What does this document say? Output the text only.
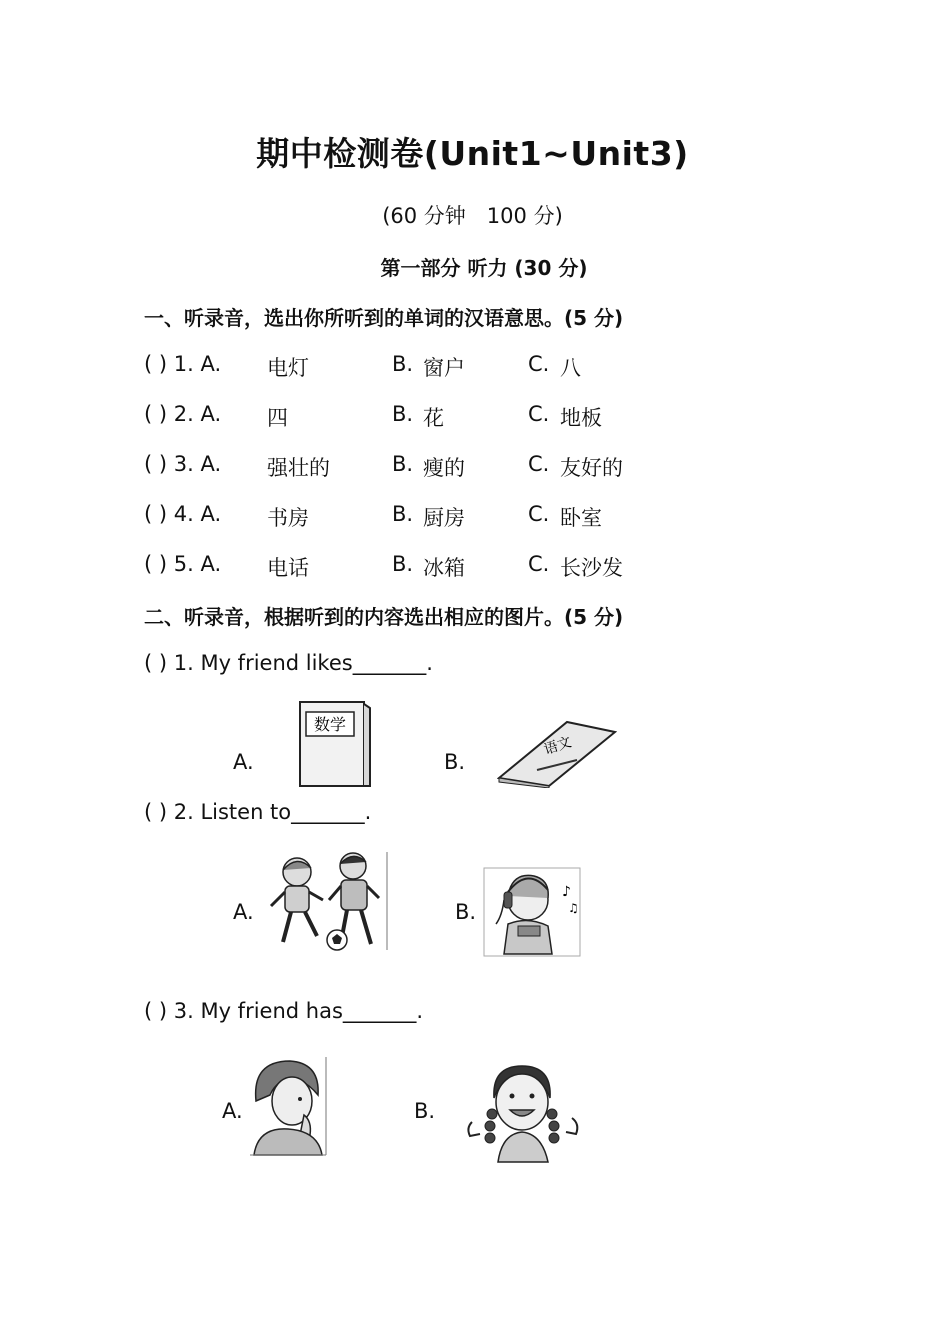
期中检测卷(Unit1~Unit3)
(60 分钟　100 分)
第一部分 听力 (30 分)
一、听录音，选出你所听到的单词的汉语意思。(5 分)
( ) 1. A. 电灯	B. 窗户	C. 八
( ) 2. A. 四	B. 花	C. 地板
( ) 3. A. 强壮的	B. 瘦的	C. 友好的
( ) 4. A. 书房	B. 厨房	C. 卧室
( ) 5. A. 电话	B. 冰箱	C. 长沙发
二、听录音，根据听到的内容选出相应的图片。(5 分)
( ) 1. My friend likes_______.
A.
数学
B.
语文
( ) 2. Listen to_______.
A.	B.
♪
♫
( ) 3. My friend has_______.
A.	B.
